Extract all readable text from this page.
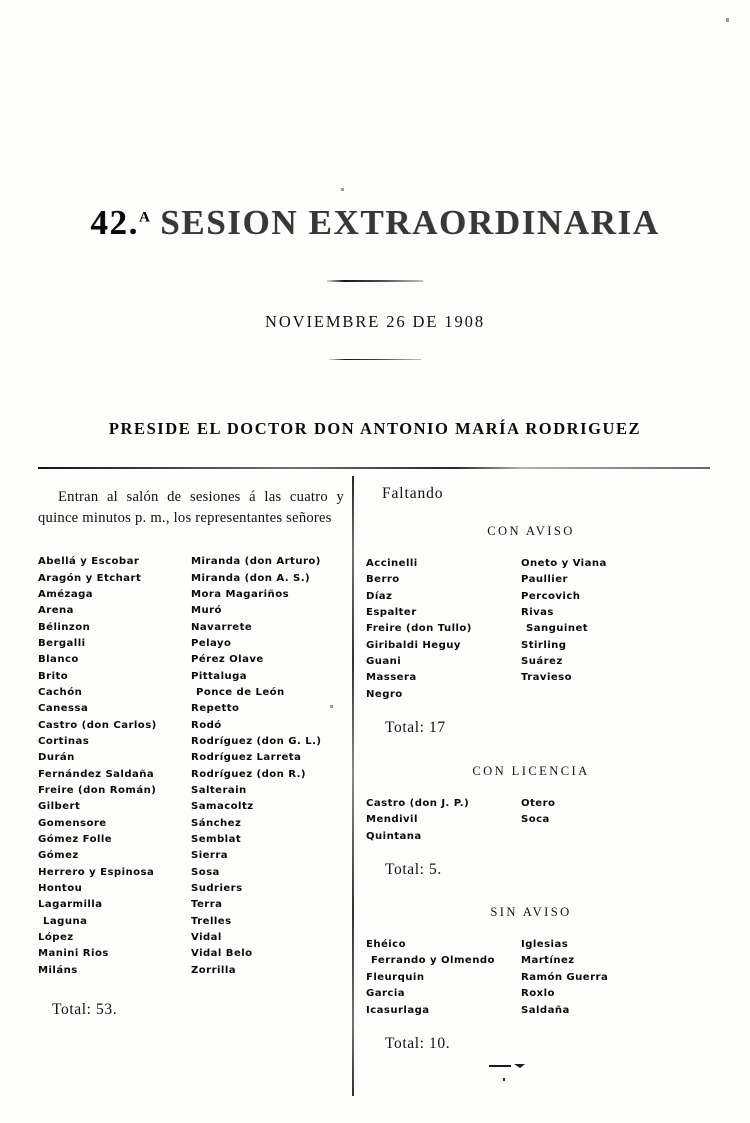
42.$^A$ SESION EXTRAORDINARIA
NOVIEMBRE 26 DE 1908
PRESIDE EL DOCTOR DON ANTONIO MARÍA RODRIGUEZ

Entran al salón de sesiones á las cuatro y quince minutos p. m., los representantes señores

Abellá y Escobar
Aragón y Etchart
Amézaga
Arena
Bélinzon
Bergalli
Blanco
Brito
Cachón
Canessa
Castro (don Carlos)
Cortinas
Durán
Fernández Saldaña
Freire (don Román)
Gilbert
Gomensore
Gómez Folle
Gómez
Herrero y Espinosa
Hontou
Lagarmilla
Laguna
López
Manini Rios
Miláns
Miranda (don Arturo)
Miranda (don A. S.)
Mora Magariños
Muró
Navarrete
Pelayo
Pérez Olave
Pittaluga
Ponce de León
Repetto
Rodó
Rodríguez (don G. L.)
Rodríguez Larreta
Rodríguez (don R.)
Salterain
Samacoltz
Sánchez
Semblat
Sierra
Sosa
Sudriers
Terra
Trelles
Vidal
Vidal Belo
Zorrilla
Total: 53.
Faltando
CON AVISO
Accinelli
Berro
Díaz
Espalter
Freire (don Tullo)
Giribaldi Heguy
Guani
Massera
Negro
Oneto y Viana
Paullier
Percovich
Rivas
Sanguinet
Stirling
Suárez
Travieso
Total: 17
CON LICENCIA
Castro (don J. P.)
Mendivil
Quintana
Otero
Soca
Total: 5.
SIN AVISO
Ehéico
Ferrando y Olmendo
Fleurquin
Garcia
Icasurlaga
Iglesias
Martínez
Ramón Guerra
Roxlo
Saldaña
Total: 10.
